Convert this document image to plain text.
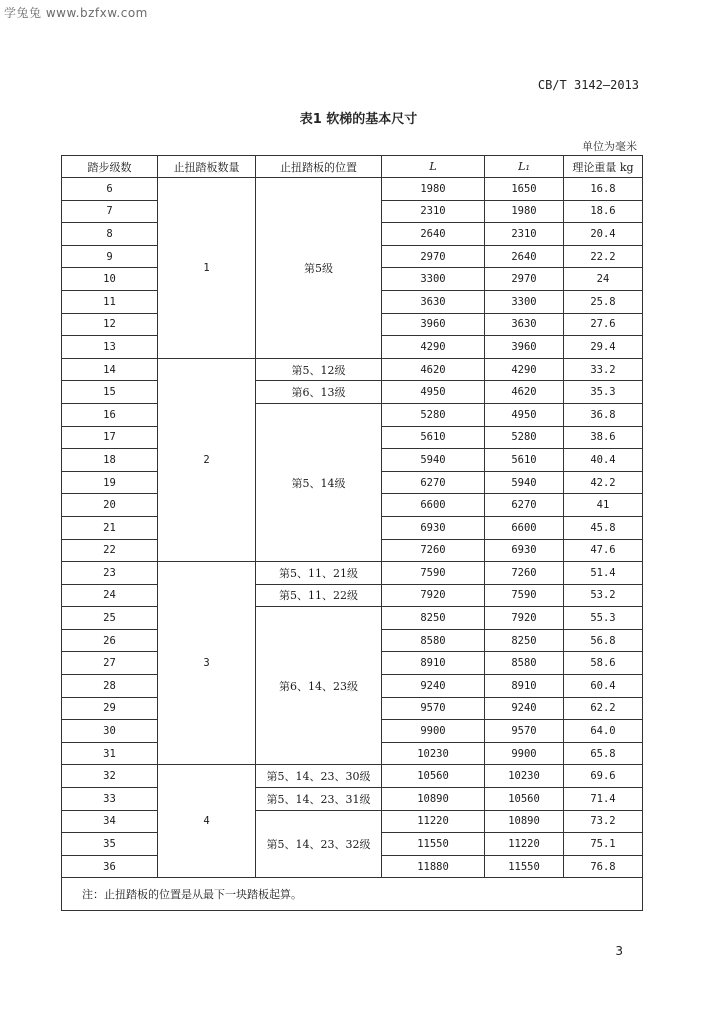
学兔兔 www.bzfxw.com
CB/T 3142—2013
表1 软梯的基本尺寸
单位为毫米
踏步级数	止扭踏板数量	止扭踏板的位置	L	L₁	理论重量 kg
6	1	第5级	1980	1650	16.8
7			2310	1980	18.6
8			2640	2310	20.4
9			2970	2640	22.2
10			3300	2970	24
11			3630	3300	25.8
12			3960	3630	27.6
13			4290	3960	29.4
14	2	第5、12级	4620	4290	33.2
15		第6、13级	4950	4620	35.3
16		第5、14级	5280	4950	36.8
17			5610	5280	38.6
18			5940	5610	40.4
19			6270	5940	42.2
20			6600	6270	41
21			6930	6600	45.8
22			7260	6930	47.6
23	3	第5、11、21级	7590	7260	51.4
24		第5、11、22级	7920	7590	53.2
25		第6、14、23级	8250	7920	55.3
26			8580	8250	56.8
27			8910	8580	58.6
28			9240	8910	60.4
29			9570	9240	62.2
30			9900	9570	64.0
31			10230	9900	65.8
32	4	第5、14、23、30级	10560	10230	69.6
33		第5、14、23、31级	10890	10560	71.4
34		第5、14、23、32级	11220	10890	73.2
35			11550	11220	75.1
36			11880	11550	76.8
注：止扭踏板的位置是从最下一块踏板起算。					
3
